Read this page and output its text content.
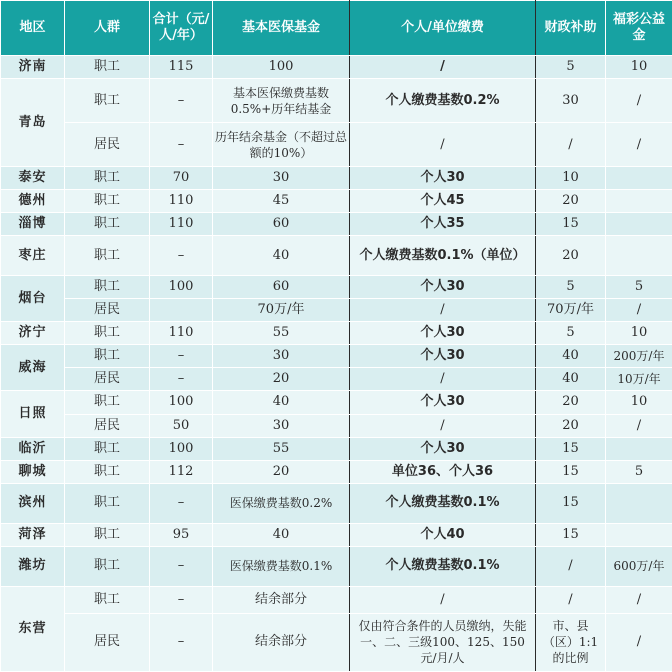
地区	人群	合计（元/人/年）	基本医保基金	个人/单位缴费	财政补助	福彩公益金
济南	职工	115	100	/	5	10
青岛	职工	–	基本医保缴费基数0.5%+历年结基金	个人缴费基数0.2%	30	/
	居民	–	历年结余基金（不超过总额的10%）	/	/	/
泰安	职工	70	30	个人30	10	
德州	职工	110	45	个人45	20	
淄博	职工	110	60	个人35	15	
枣庄	职工	–	40	个人缴费基数0.1%（单位）	20	
烟台	职工	100	60	个人30	5	5
	居民		70万/年	/	70万/年	/
济宁	职工	110	55	个人30	5	10
威海	职工	–	30	个人30	40	200万/年
	居民	–	20	/	40	10万/年
日照	职工	100	40	个人30	20	10
	居民	50	30	/	20	/
临沂	职工	100	55	个人30	15	
聊城	职工	112	20	单位36、个人36	15	5
滨州	职工	–	医保缴费基数0.2%	个人缴费基数0.1%	15	
菏泽	职工	95	40	个人40	15	
潍坊	职工	–	医保缴费基数0.1%	个人缴费基数0.1%	/	600万/年
东营	职工	–	结余部分	/	/	/
	居民	–	结余部分	仅由符合条件的人员缴纳，失能一、二、三级100、125、150 元/月/人	市、县（区）1:1的比例	/
